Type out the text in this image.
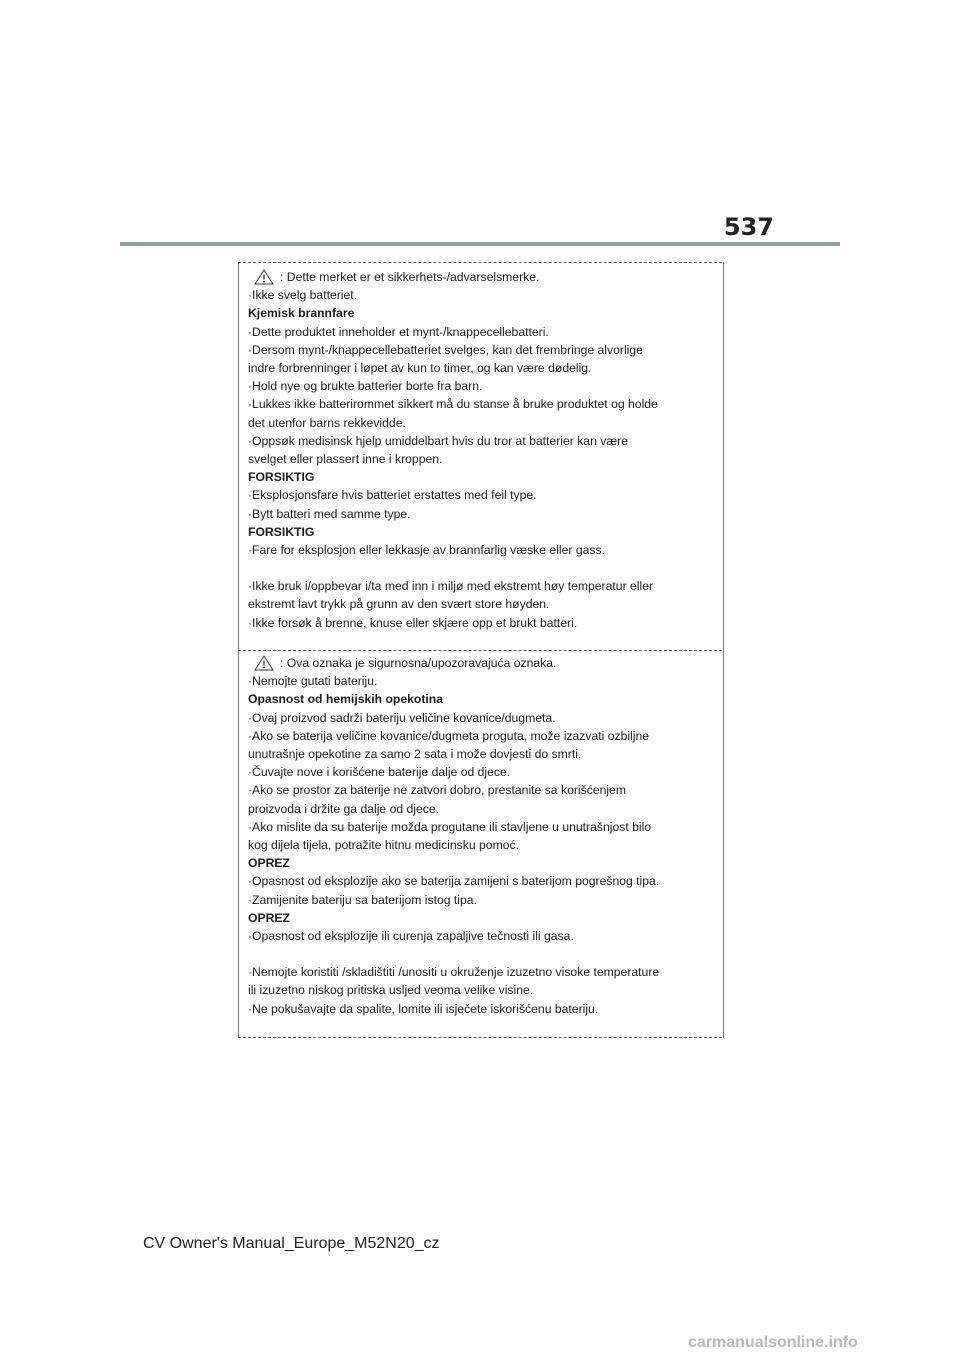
537
: Dette merket er et sikkerhets-/advarselsmerke.
·Ikke svelg batteriet.
Kjemisk brannfare
·Dette produktet inneholder et mynt-/knappecellebatteri.
·Dersom mynt-/knappecellebatteriet svelges, kan det frembringe alvorlige
indre forbrenninger i løpet av kun to timer, og kan være dødelig.
·Hold nye og brukte batterier borte fra barn.
·Lukkes ikke batterirommet sikkert må du stanse å bruke produktet og holde
det utenfor barns rekkevidde.
·Oppsøk medisinsk hjelp umiddelbart hvis du tror at batterier kan være
svelget eller plassert inne i kroppen.
FORSIKTIG
·Eksplosjonsfare hvis batteriet erstattes med feil type.
·Bytt batteri med samme type.
FORSIKTIG
·Fare for eksplosjon eller lekkasje av brannfarlig væske eller gass.
·Ikke bruk i/oppbevar i/ta med inn i miljø med ekstremt høy temperatur eller
ekstremt lavt trykk på grunn av den svært store høyden.
·Ikke forsøk å brenne, knuse eller skjære opp et brukt batteri.
: Ova oznaka je sigurnosna/upozoravajuća oznaka.
·Nemojte gutati bateriju.
Opasnost od hemijskih opekotina
·Ovaj proizvod sadrži bateriju veličine kovanice/dugmeta.
·Ako se baterija veličine kovanice/dugmeta proguta, može izazvati ozbiljne
unutrašnje opekotine za samo 2 sata i može dovjesti do smrti.
·Čuvajte nove i korišćene baterije dalje od djece.
·Ako se prostor za baterije ne zatvori dobro, prestanite sa korišćenjem
proizvoda i držite ga dalje od djece.
·Ako mislite da su baterije možda progutane ili stavljene u unutrašnjost bilo
kog dijela tijela, potražite hitnu medicinsku pomoć.
OPREZ
·Opasnost od eksplozije ako se baterija zamijeni s baterijom pogrešnog tipa.
·Zamijenite bateriju sa baterijom istog tipa.
OPREZ
·Opasnost od eksplozije ili curenja zapaljive tečnosti ili gasa.
·Nemojte koristiti /skladištiti /unositi u okruženje izuzetno visoke temperature
ili izuzetno niskog pritiska usljed veoma velike visine.
·Ne pokušavajte da spalite, lomite ili isječete iskorišćenu bateriju.
CV Owner's Manual_Europe_M52N20_cz
carmanualsonline.info
